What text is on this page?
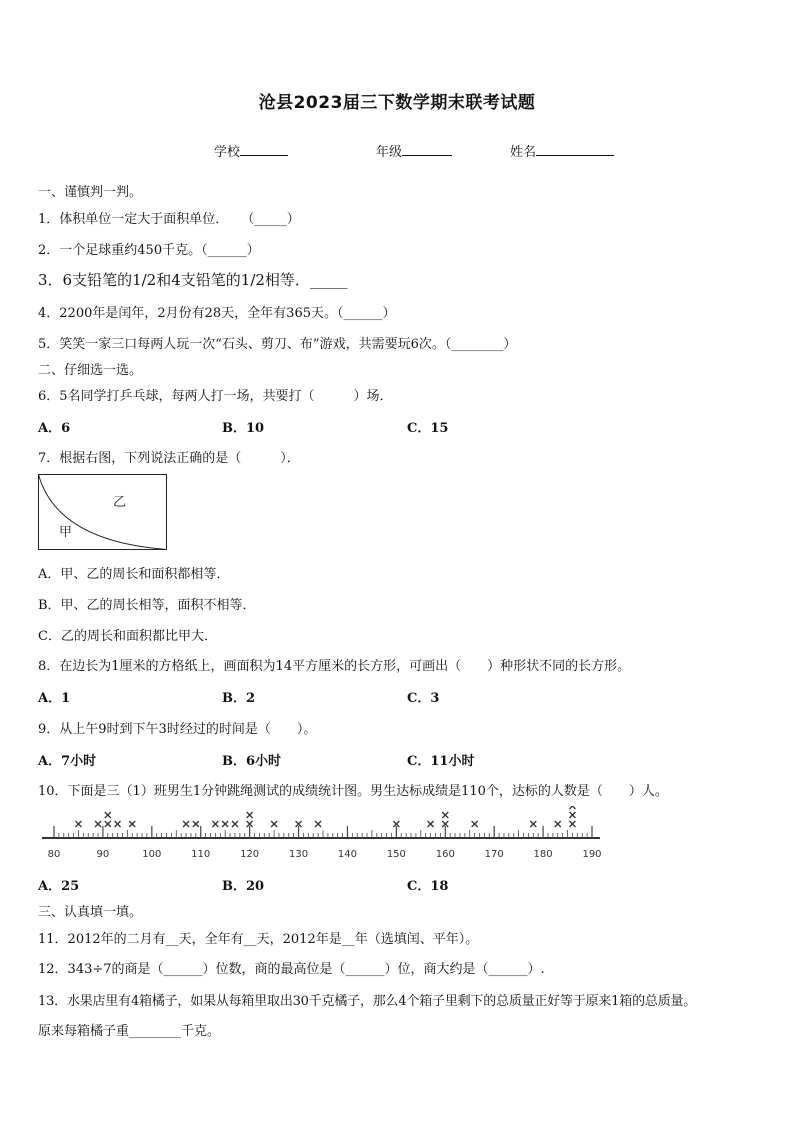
沧县2023届三下数学期末联考试题
学校	年级	姓名
一、谨慎判一判。
1．体积单位一定大于面积单位．　　（_____）
2．一个足球重约450千克。（______）
3．6支铅笔的1/2和4支铅笔的1/2相等．_____
4．2200年是闰年，2月份有28天，全年有365天。（______）
5．笑笑一家三口每两人玩一次“石头、剪刀、布”游戏，共需要玩6次。（________）
二、仔细选一选。
6．5名同学打乒乓球，每两人打一场，共要打（　　　）场．
A．6	B．10	C．15
7．根据右图，下列说法正确的是（　　　）．
乙
甲
A．甲、乙的周长和面积都相等．
B．甲、乙的周长相等，面积不相等．
C．乙的周长和面积都比甲大．
8．在边长为1厘米的方格纸上，画面积为14平方厘米的长方形，可画出（　　）种形状不同的长方形。
A．1	B．2	C．3
9．从上午9时到下午3时经过的时间是（　　）。
A．7小时	B．6小时	C．11小时
10．下面是三（1）班男生1分钟跳绳测试的成绩统计图。男生达标成绩是110个，达标的人数是（　　）人。
80	90	100	110	120	130	140	150	160	170	180	190
A．25	B．20	C．18
三、认真填一填。
11．2012年的二月有__天，全年有__天，2012年是__年（选填闰、平年）。
12．343÷7的商是（______）位数，商的最高位是（______）位，商大约是（______）.
13．水果店里有4箱橘子，如果从每箱里取出30千克橘子，那么4个箱子里剩下的总质量正好等于原来1箱的总质量。
原来每箱橘子重________千克。
